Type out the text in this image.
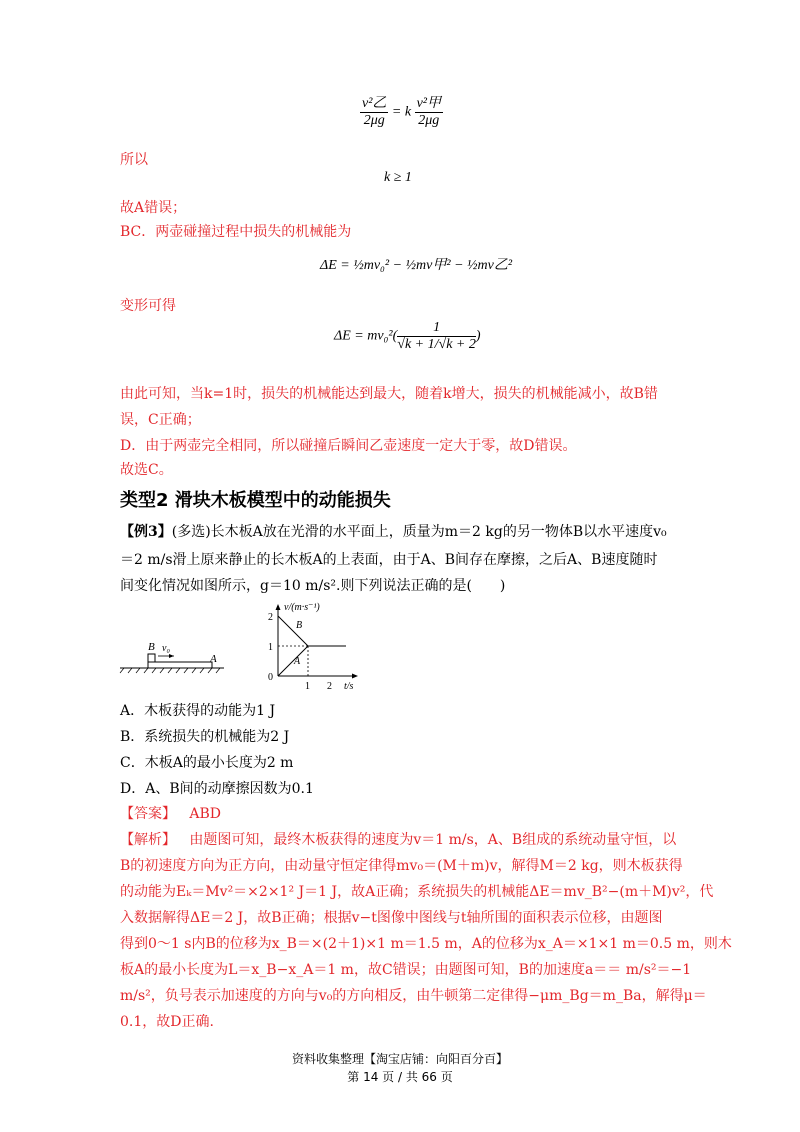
$\frac{\text{v²乙}}{2\mu g} = k \frac{\text{v²甲}}{2\mu g}$
所以
k ≥ 1
故A错误；
BC．两壶碰撞过程中损失的机械能为
ΔE = ½mv₀² − ½mv甲² − ½mv乙²
变形可得
$\Delta E = mv_0^2( \frac{1}{√k + 1/√k + 2}$ )
由此可知，当k=1时，损失的机械能达到最大，随着k增大，损失的机械能减小，故B错
误，C正确；
D．由于两壶完全相同，所以碰撞后瞬间乙壶速度一定大于零，故D错误。
故选C。
类型2 滑块木板模型中的动能损失
【例3】(多选)长木板A放在光滑的水平面上，质量为m＝2 kg的另一物体B以水平速度v₀
＝2 m/s滑上原来静止的长木板A的上表面，由于A、B间存在摩擦，之后A、B速度随时
间变化情况如图所示，g＝10 m/s².则下列说法正确的是(　　)
B v₀
A
v/(m·s⁻¹)
2
1
0
1 2 t/s
B
A
A．木板获得的动能为1 J
B．系统损失的机械能为2 J
C．木板A的最小长度为2 m
D．A、B间的动摩擦因数为0.1
【答案】 ABD
【解析】 由题图可知，最终木板获得的速度为v＝1 m/s，A、B组成的系统动量守恒，以
B的初速度方向为正方向，由动量守恒定律得mv₀＝(M＋m)v，解得M＝2 kg，则木板获得
的动能为Eₖ＝Mv²＝×2×1² J＝1 J，故A正确；系统损失的机械能ΔE＝mv_B²−(m＋M)v²，代
入数据解得ΔE＝2 J，故B正确；根据v−t图像中图线与t轴所围的面积表示位移，由题图
得到0～1 s内B的位移为x_B＝×(2＋1)×1 m＝1.5 m，A的位移为x_A＝×1×1 m＝0.5 m，则木
板A的最小长度为L＝x_B−x_A＝1 m，故C错误；由题图可知，B的加速度a＝＝ m/s²＝−1
m/s²，负号表示加速度的方向与v₀的方向相反，由牛顿第二定律得−μm_Bg＝m_Ba，解得μ＝
0.1，故D正确.
资料收集整理【淘宝店铺：向阳百分百】
第 14 页 / 共 66 页
